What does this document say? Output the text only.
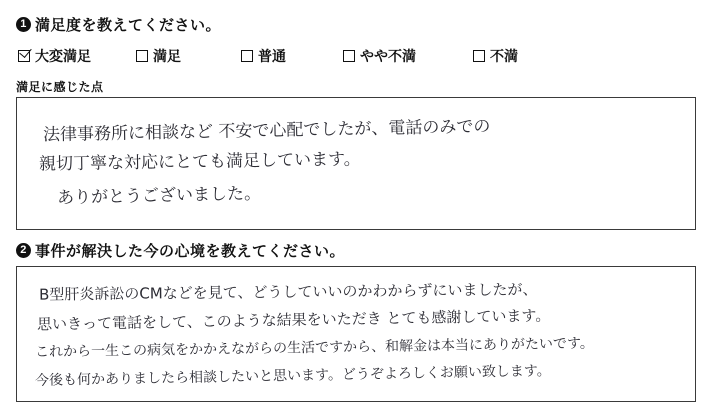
1 満足度を教えてください。
大変満足	満足	普通	やや不満	不満
満足に感じた点
法律事務所に相談など 不安で心配でしたが、電話のみでの
親切丁寧な対応にとても満足しています。
ありがとうございました。
2 事件が解決した今の心境を教えてください。
B型肝炎訴訟のCMなどを見て、どうしていいのかわからずにいましたが、
思いきって電話をして、このような結果をいただき とても感謝しています。
これから一生この病気をかかえながらの生活ですから、和解金は本当にありがたいです。
今後も何かありましたら相談したいと思います。どうぞよろしくお願い致します。
